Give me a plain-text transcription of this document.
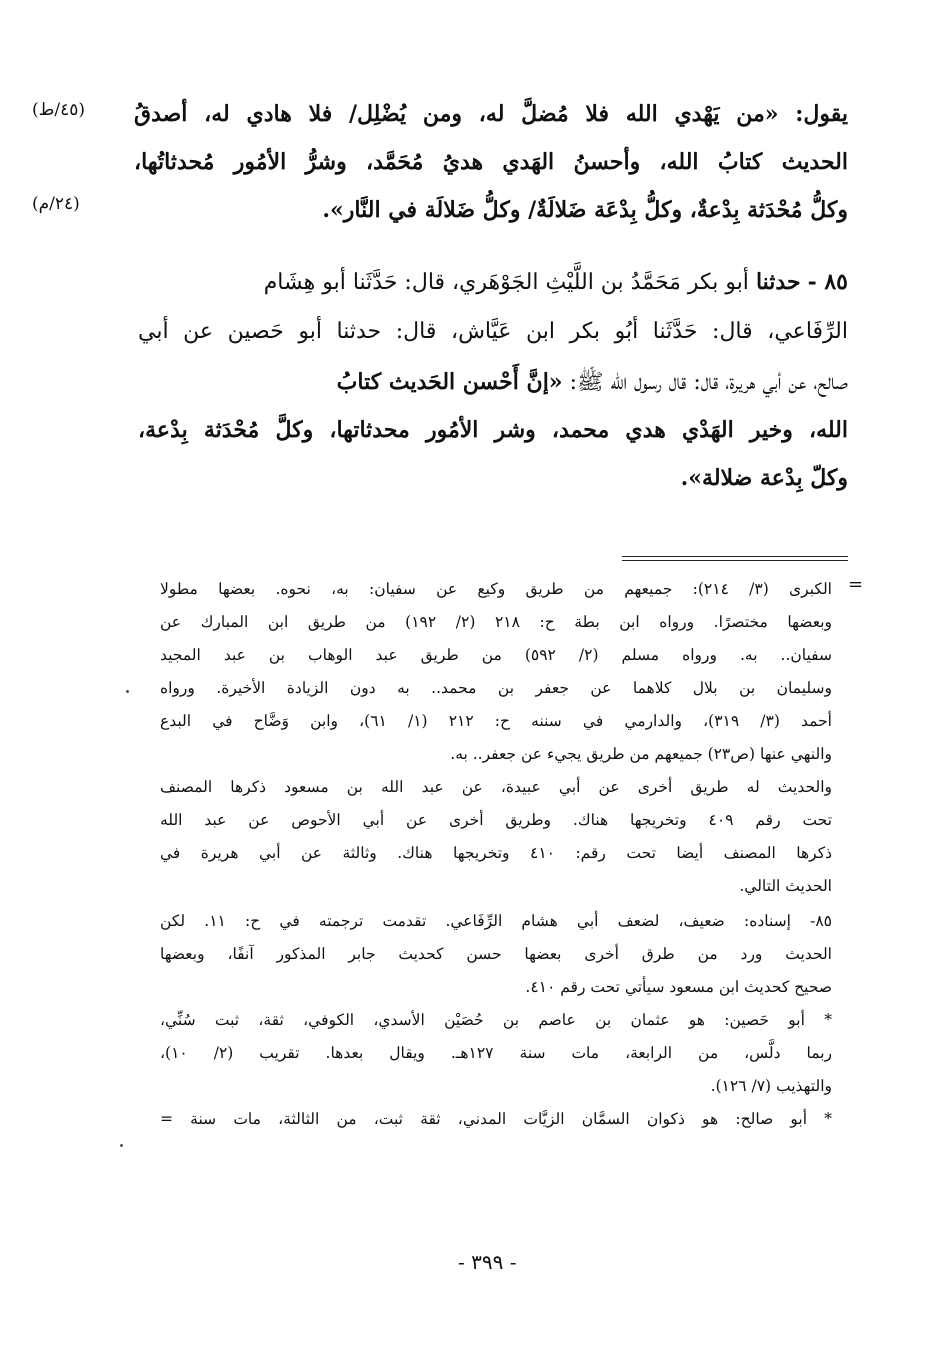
(٤٥/ط)
(٢٤/م)
يقول: «من يَهْدي الله فلا مُضلَّ له، ومن يُضْلِل/ فلا هادي له، أصدقُ
الحديث كتابُ الله، وأحسنُ الهَدي هديُ مُحَمَّد، وشرُّ الأمُور مُحدثاتُها،
وكلُّ مُحْدَثة بِدْعةٌ، وكلُّ بِدْعَة ضَلالَةٌ/ وكلُّ ضَلالَة في النَّار».
٨٥ - حدثنا أبو بكر مَحَمَّدُ بن اللَّيْثِ الجَوْهَري، قال: حَدَّثَنا أبو هِشَام
الرِّفَاعي، قال: حَدَّثَنا أبُو بكر ابن عَيَّاش، قال: حدثنا أبو حَصين عن أبي
صالح، عن أبي هريرة، قال: قال رسول الله ﷺ: «إنَّ أَحْسن الحَديث كتابُ
الله، وخير الهَدْي هدي محمد، وشر الأمُور محدثاتها، وكلَّ مُحْدَثة بِدْعة،
وكلّ بِدْعة ضلالة».
=
الكبرى (٣/ ٢١٤): جميعهم من طريق وكيع عن سفيان: به، نحوه. بعضها مطولا
وبعضها مختصرًا. ورواه ابن بطة ح: ٢١٨ (٢/ ١٩٢) من طريق ابن المبارك عن
سفيان.. به. ورواه مسلم (٢/ ٥٩٢) من طريق عبد الوهاب بن عبد المجيد
وسليمان بن بلال كلاهما عن جعفر بن محمد.. به دون الزيادة الأخيرة. ورواه
أحمد (٣/ ٣١٩)، والدارمي في سننه ح: ٢١٢ (١/ ٦١)، وابن وَضَّاح في البدع
والنهي عنها (ص٢٣) جميعهم من طريق يجيء عن جعفر.. به.
والحديث له طريق أخرى عن أبي عبيدة، عن عبد الله بن مسعود ذكرها المصنف
تحت رقم ٤٠٩ وتخريجها هناك. وطريق أخرى عن أبي الأحوص عن عبد الله
ذكرها المصنف أيضا تحت رقم: ٤١٠ وتخريجها هناك. وثالثة عن أبي هريرة في
الحديث التالي.
٨٥- إسناده: ضعيف، لضعف أبي هشام الرِّفَاعي. تقدمت ترجمته في ح: ١١. لكن
الحديث ورد من طرق أخرى بعضها حسن كحديث جابر المذكور آنفًا، وبعضها
صحيح كحديث ابن مسعود سيأتي تحت رقم ٤١٠.
* أبو حَصين: هو عثمان بن عاصم بن حُصَيْن الأسدي، الكوفي، ثقة، ثبت سُنِّي،
ربما دلَّس، من الرابعة، مات سنة ١٢٧هـ. ويقال بعدها. تقريب (٢/ ١٠)،
والتهذيب (٧/ ١٢٦).
* أبو صالح: هو ذكوان السمَّان الزيَّات المدني، ثقة ثبت، من الثالثة، مات سنة =
- ٣٩٩ -
